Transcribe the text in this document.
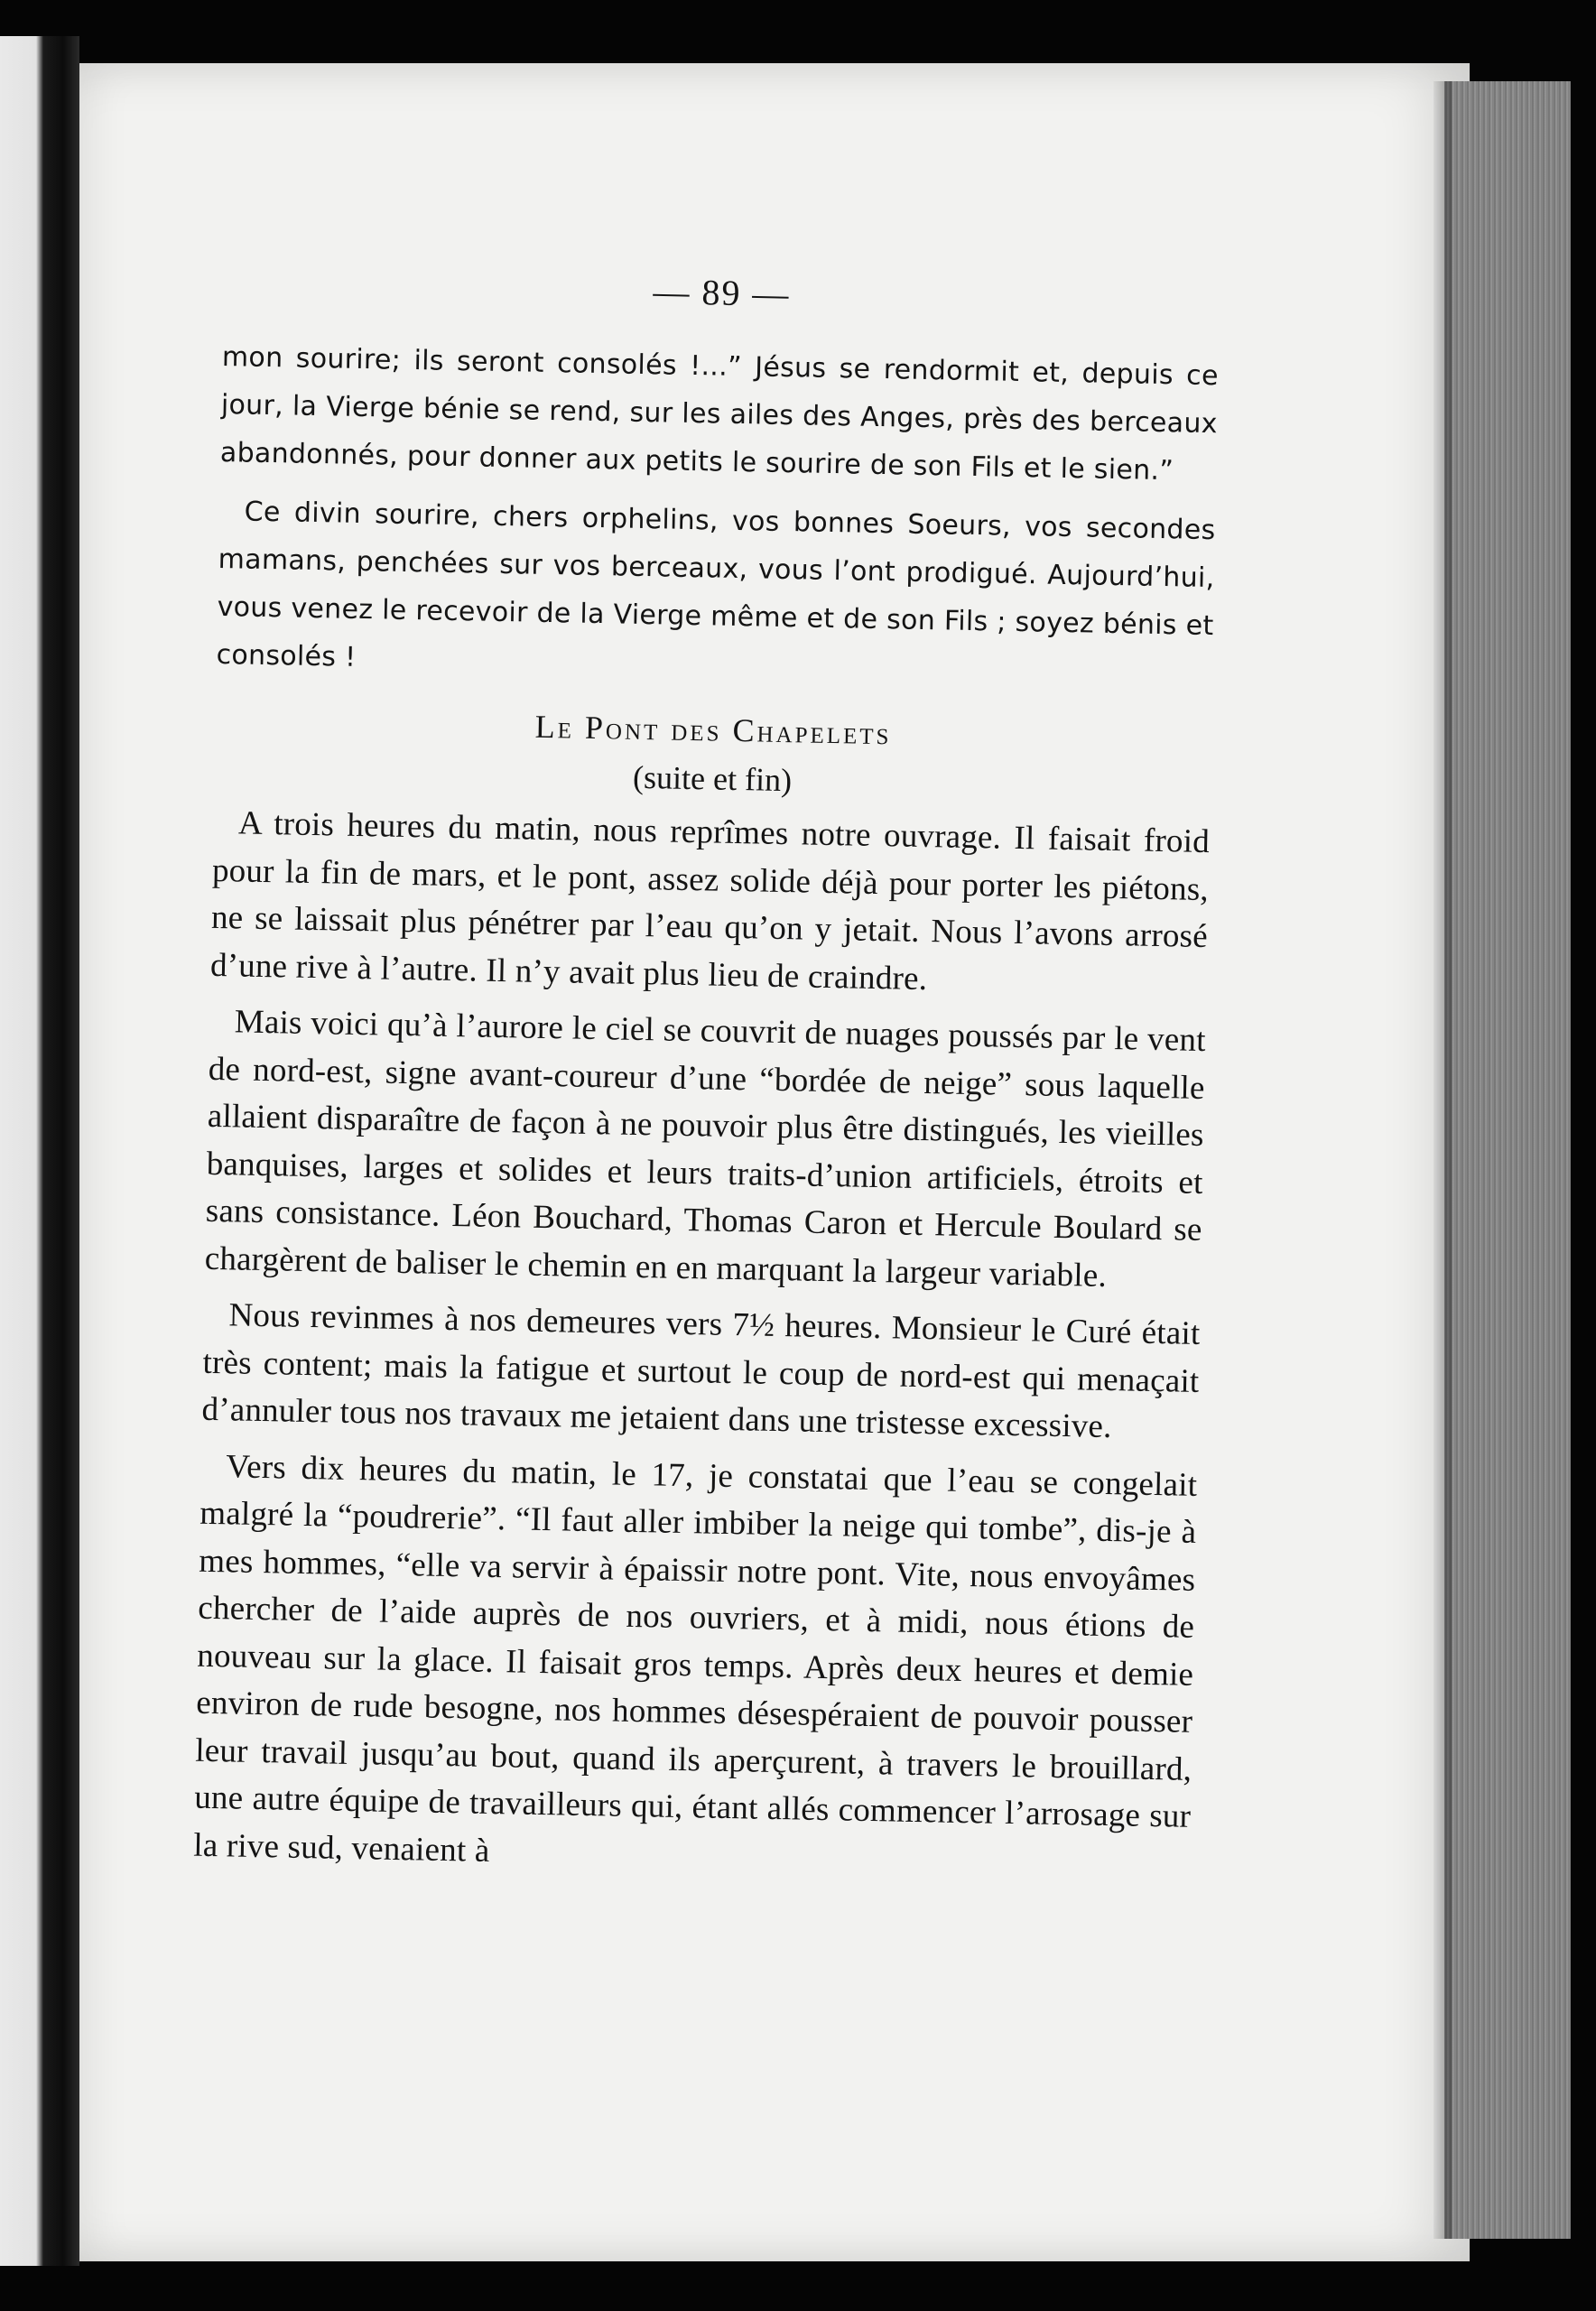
— 89 —

mon sourire; ils seront consolés !...” Jésus se rendormit et, depuis ce jour, la Vierge bénie se rend, sur les ailes des Anges, près des berceaux abandonnés, pour donner aux petits le sourire de son Fils et le sien.”

Ce divin sourire, chers orphelins, vos bonnes Soeurs, vos secondes mamans, penchées sur vos berceaux, vous l’ont prodigué. Aujourd’hui, vous venez le recevoir de la Vierge même et de son Fils ; soyez bénis et consolés !

Le Pont des Chapelets
(suite et fin)

A trois heures du matin, nous reprîmes notre ouvrage. Il faisait froid pour la fin de mars, et le pont, assez solide déjà pour porter les piétons, ne se laissait plus pénétrer par l’eau qu’on y jetait. Nous l’avons arrosé d’une rive à l’autre. Il n’y avait plus lieu de craindre.

Mais voici qu’à l’aurore le ciel se couvrit de nuages poussés par le vent de nord-est, signe avant-coureur d’une “bordée de neige” sous laquelle allaient disparaître de façon à ne pouvoir plus être distingués, les vieilles banquises, larges et solides et leurs traits-d’union artificiels, étroits et sans consistance. Léon Bouchard, Thomas Caron et Hercule Boulard se chargèrent de baliser le chemin en en marquant la largeur variable.

Nous revinmes à nos demeures vers 7½ heures. Monsieur le Curé était très content; mais la fatigue et surtout le coup de nord-est qui menaçait d’annuler tous nos travaux me jetaient dans une tristesse excessive.

Vers dix heures du matin, le 17, je constatai que l’eau se congelait malgré la “poudrerie”. “Il faut aller imbiber la neige qui tombe”, dis-je à mes hommes, “elle va servir à épaissir notre pont. Vite, nous envoyâmes chercher de l’aide auprès de nos ouvriers, et à midi, nous étions de nouveau sur la glace. Il faisait gros temps. Après deux heures et demie environ de rude besogne, nos hommes désespéraient de pouvoir pousser leur travail jusqu’au bout, quand ils aperçurent, à travers le brouillard, une autre équipe de travailleurs qui, étant allés commencer l’arrosage sur la rive sud, venaient à
